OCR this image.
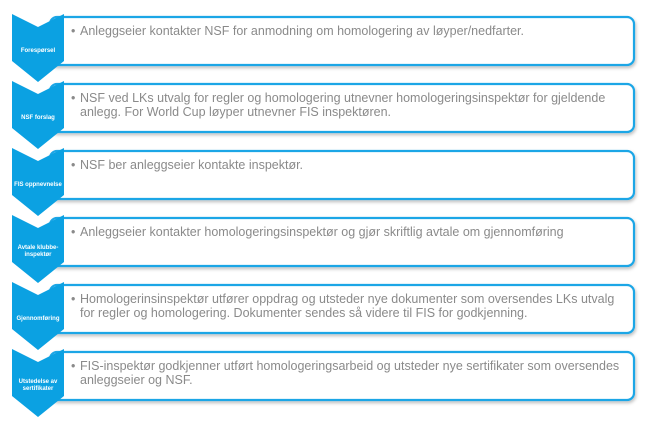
Forespørsel
• Anleggseier kontakter NSF for anmodning om homologering av løyper/nedfarter.
NSF forslag
• NSF ved LKs utvalg for regler og homologering utnevner homologeringsinspektør for gjeldende anlegg. For World Cup løyper utnevner FIS inspektøren.
FIS oppnevnelse
• NSF ber anleggseier kontakte inspektør.
Avtale klubbe-inspektør
• Anleggseier kontakter homologeringsinspektør og gjør skriftlig avtale om gjennomføring
Gjennomføring
• Homologerinsinspektør utfører oppdrag og utsteder nye dokumenter som oversendes LKs utvalg for regler og homologering. Dokumenter sendes så videre til FIS for godkjenning.
Utstedelse av sertifikater
• FIS-inspektør godkjenner utført homologeringsarbeid og utsteder nye sertifikater som oversendes anleggseier og NSF.
